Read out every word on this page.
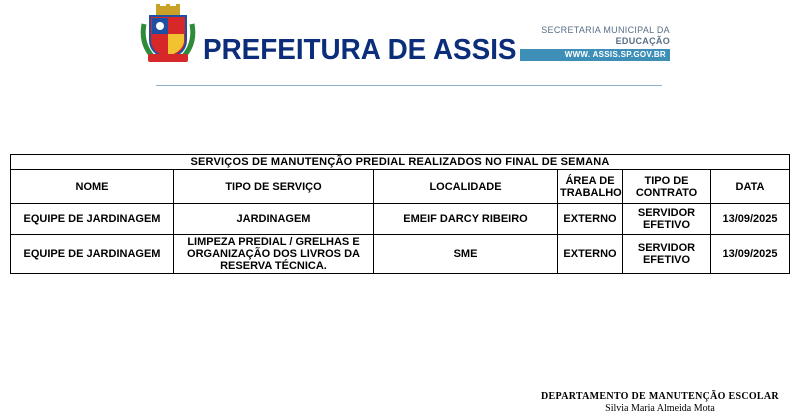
PREFEITURA DE ASSIS
SECRETARIA MUNICIPAL DA
EDUCAÇÃO
WWW. ASSIS.SP.GOV.BR
SERVIÇOS DE MANUTENÇÃO PREDIAL REALIZADOS NO FINAL DE SEMANA					
NOME	TIPO DE SERVIÇO	LOCALIDADE	ÁREA DE TRABALHO	TIPO DE CONTRATO	DATA
EQUIPE DE JARDINAGEM	JARDINAGEM	EMEIF DARCY RIBEIRO	EXTERNO	SERVIDOR EFETIVO	13/09/2025
EQUIPE DE JARDINAGEM	LIMPEZA PREDIAL / GRELHAS E ORGANIZAÇÃO DOS LIVROS DA RESERVA TÉCNICA.	SME	EXTERNO	SERVIDOR EFETIVO	13/09/2025
DEPARTAMENTO DE MANUTENÇÃO ESCOLAR
Silvia Maria Almeida Mota
